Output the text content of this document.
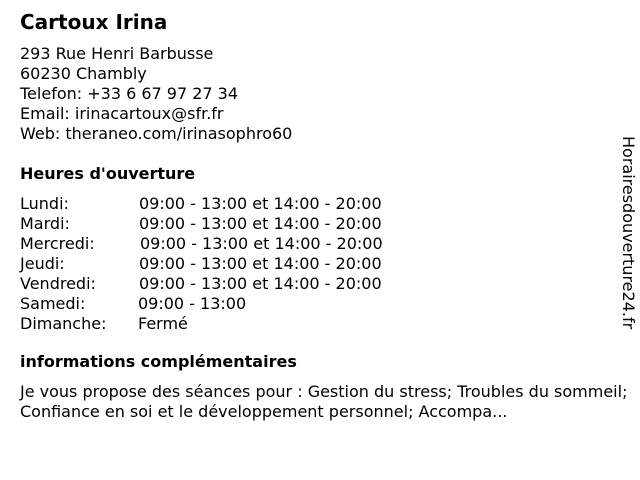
Cartoux Irina
293 Rue Henri Barbusse
60230 Chambly
Telefon: +33 6 67 97 27 34
Email: irinacartoux@sfr.fr
Web: theraneo.com/irinasophro60
Heures d'ouverture
Lundi:	09:00 - 13:00 et 14:00 - 20:00
Mardi:	09:00 - 13:00 et 14:00 - 20:00
Mercredi:	09:00 - 13:00 et 14:00 - 20:00
Jeudi:	09:00 - 13:00 et 14:00 - 20:00
Vendredi:	09:00 - 13:00 et 14:00 - 20:00
Samedi:	09:00 - 13:00
Dimanche: Fermé
informations complémentaires
Je vous propose des séances pour : Gestion du stress; Troubles du sommeil; Confiance en soi et le développement personnel; Accompa...
Horairesdouverture24.fr
